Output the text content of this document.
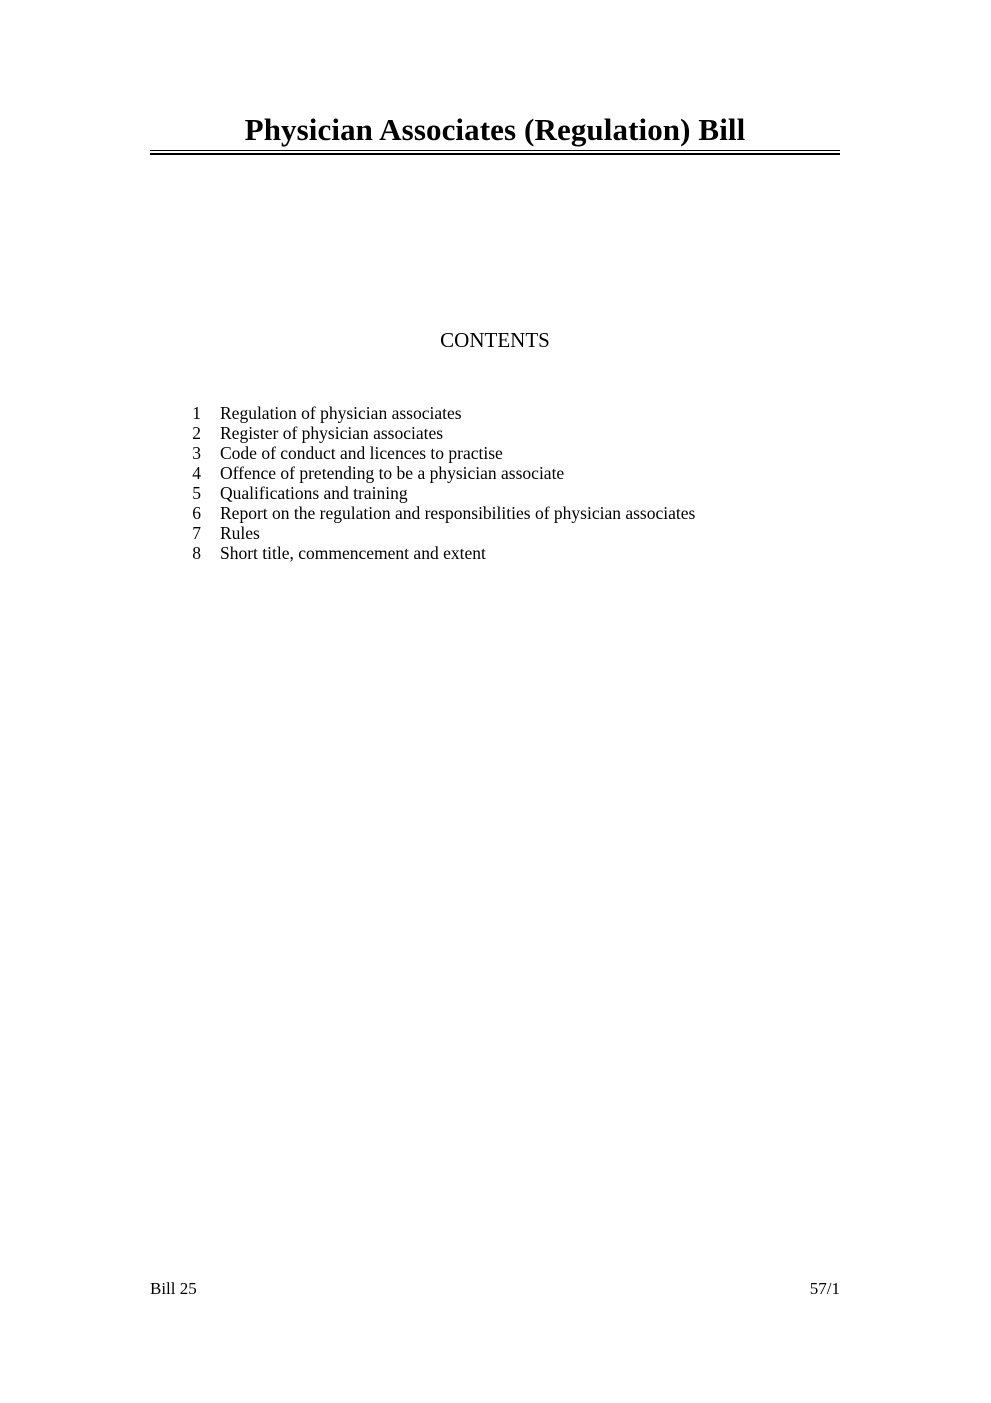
Physician Associates (Regulation) Bill
CONTENTS
1	Regulation of physician associates
2	Register of physician associates
3	Code of conduct and licences to practise
4	Offence of pretending to be a physician associate
5	Qualifications and training
6	Report on the regulation and responsibilities of physician associates
7	Rules
8	Short title, commencement and extent
Bill 25	57/1
